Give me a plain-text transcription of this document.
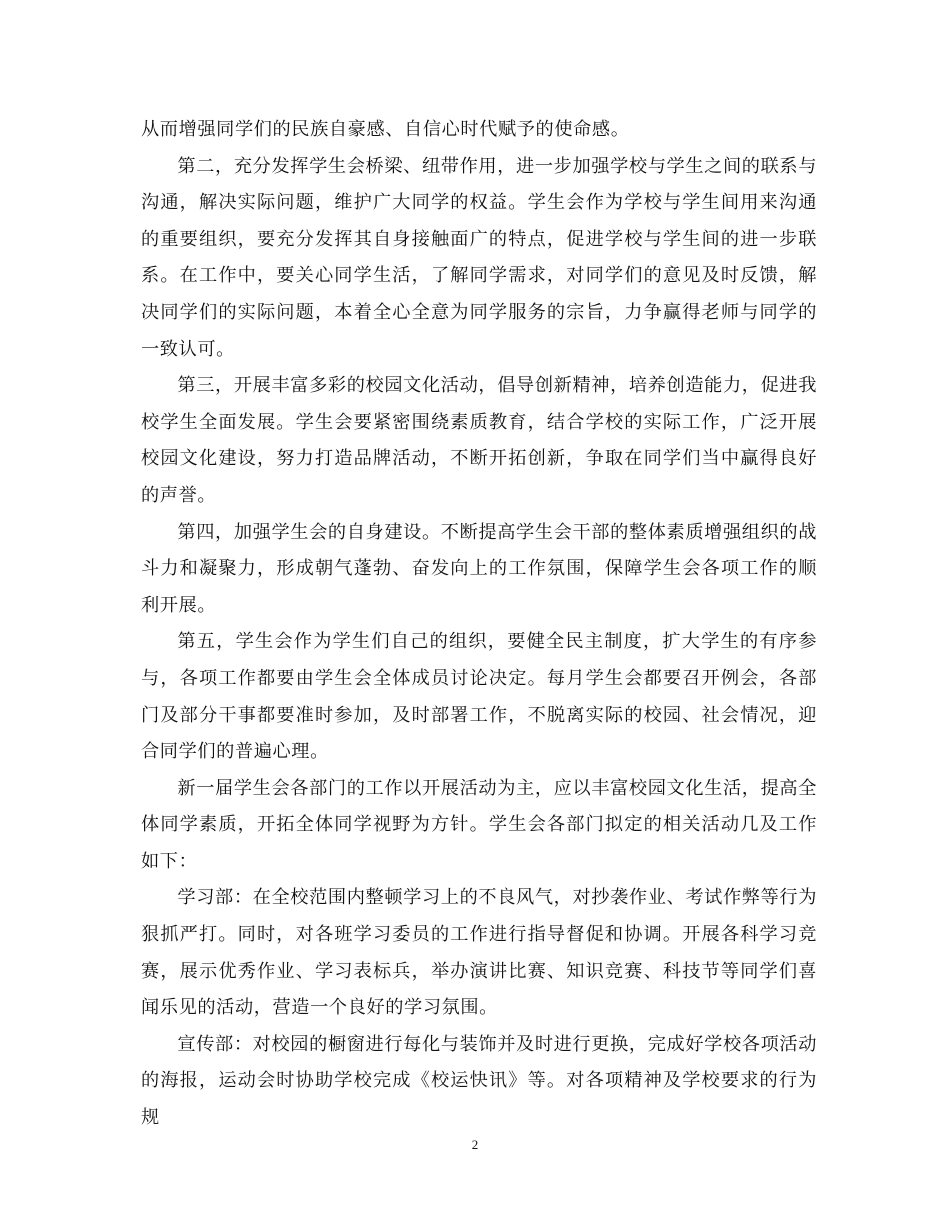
从而增强同学们的民族自豪感、自信心时代赋予的使命感。

第二，充分发挥学生会桥梁、纽带作用，进一步加强学校与学生之间的联系与沟通，解决实际问题，维护广大同学的权益。学生会作为学校与学生间用来沟通的重要组织，要充分发挥其自身接触面广的特点，促进学校与学生间的进一步联系。在工作中，要关心同学生活，了解同学需求，对同学们的意见及时反馈，解决同学们的实际问题，本着全心全意为同学服务的宗旨，力争赢得老师与同学的一致认可。

第三，开展丰富多彩的校园文化活动，倡导创新精神，培养创造能力，促进我校学生全面发展。学生会要紧密围绕素质教育，结合学校的实际工作，广泛开展校园文化建设，努力打造品牌活动，不断开拓创新，争取在同学们当中赢得良好的声誉。

第四，加强学生会的自身建设。不断提高学生会干部的整体素质增强组织的战斗力和凝聚力，形成朝气蓬勃、奋发向上的工作氛围，保障学生会各项工作的顺利开展。

第五，学生会作为学生们自己的组织，要健全民主制度，扩大学生的有序参与，各项工作都要由学生会全体成员讨论决定。每月学生会都要召开例会，各部门及部分干事都要准时参加，及时部署工作，不脱离实际的校园、社会情况，迎合同学们的普遍心理。

新一届学生会各部门的工作以开展活动为主，应以丰富校园文化生活，提高全体同学素质，开拓全体同学视野为方针。学生会各部门拟定的相关活动几及工作如下：

学习部：在全校范围内整顿学习上的不良风气，对抄袭作业、考试作弊等行为狠抓严打。同时，对各班学习委员的工作进行指导督促和协调。开展各科学习竞赛，展示优秀作业、学习表标兵，举办演讲比赛、知识竞赛、科技节等同学们喜闻乐见的活动，营造一个良好的学习氛围。

宣传部：对校园的橱窗进行每化与装饰并及时进行更换，完成好学校各项活动的海报，运动会时协助学校完成《校运快讯》等。对各项精神及学校要求的行为规

2
